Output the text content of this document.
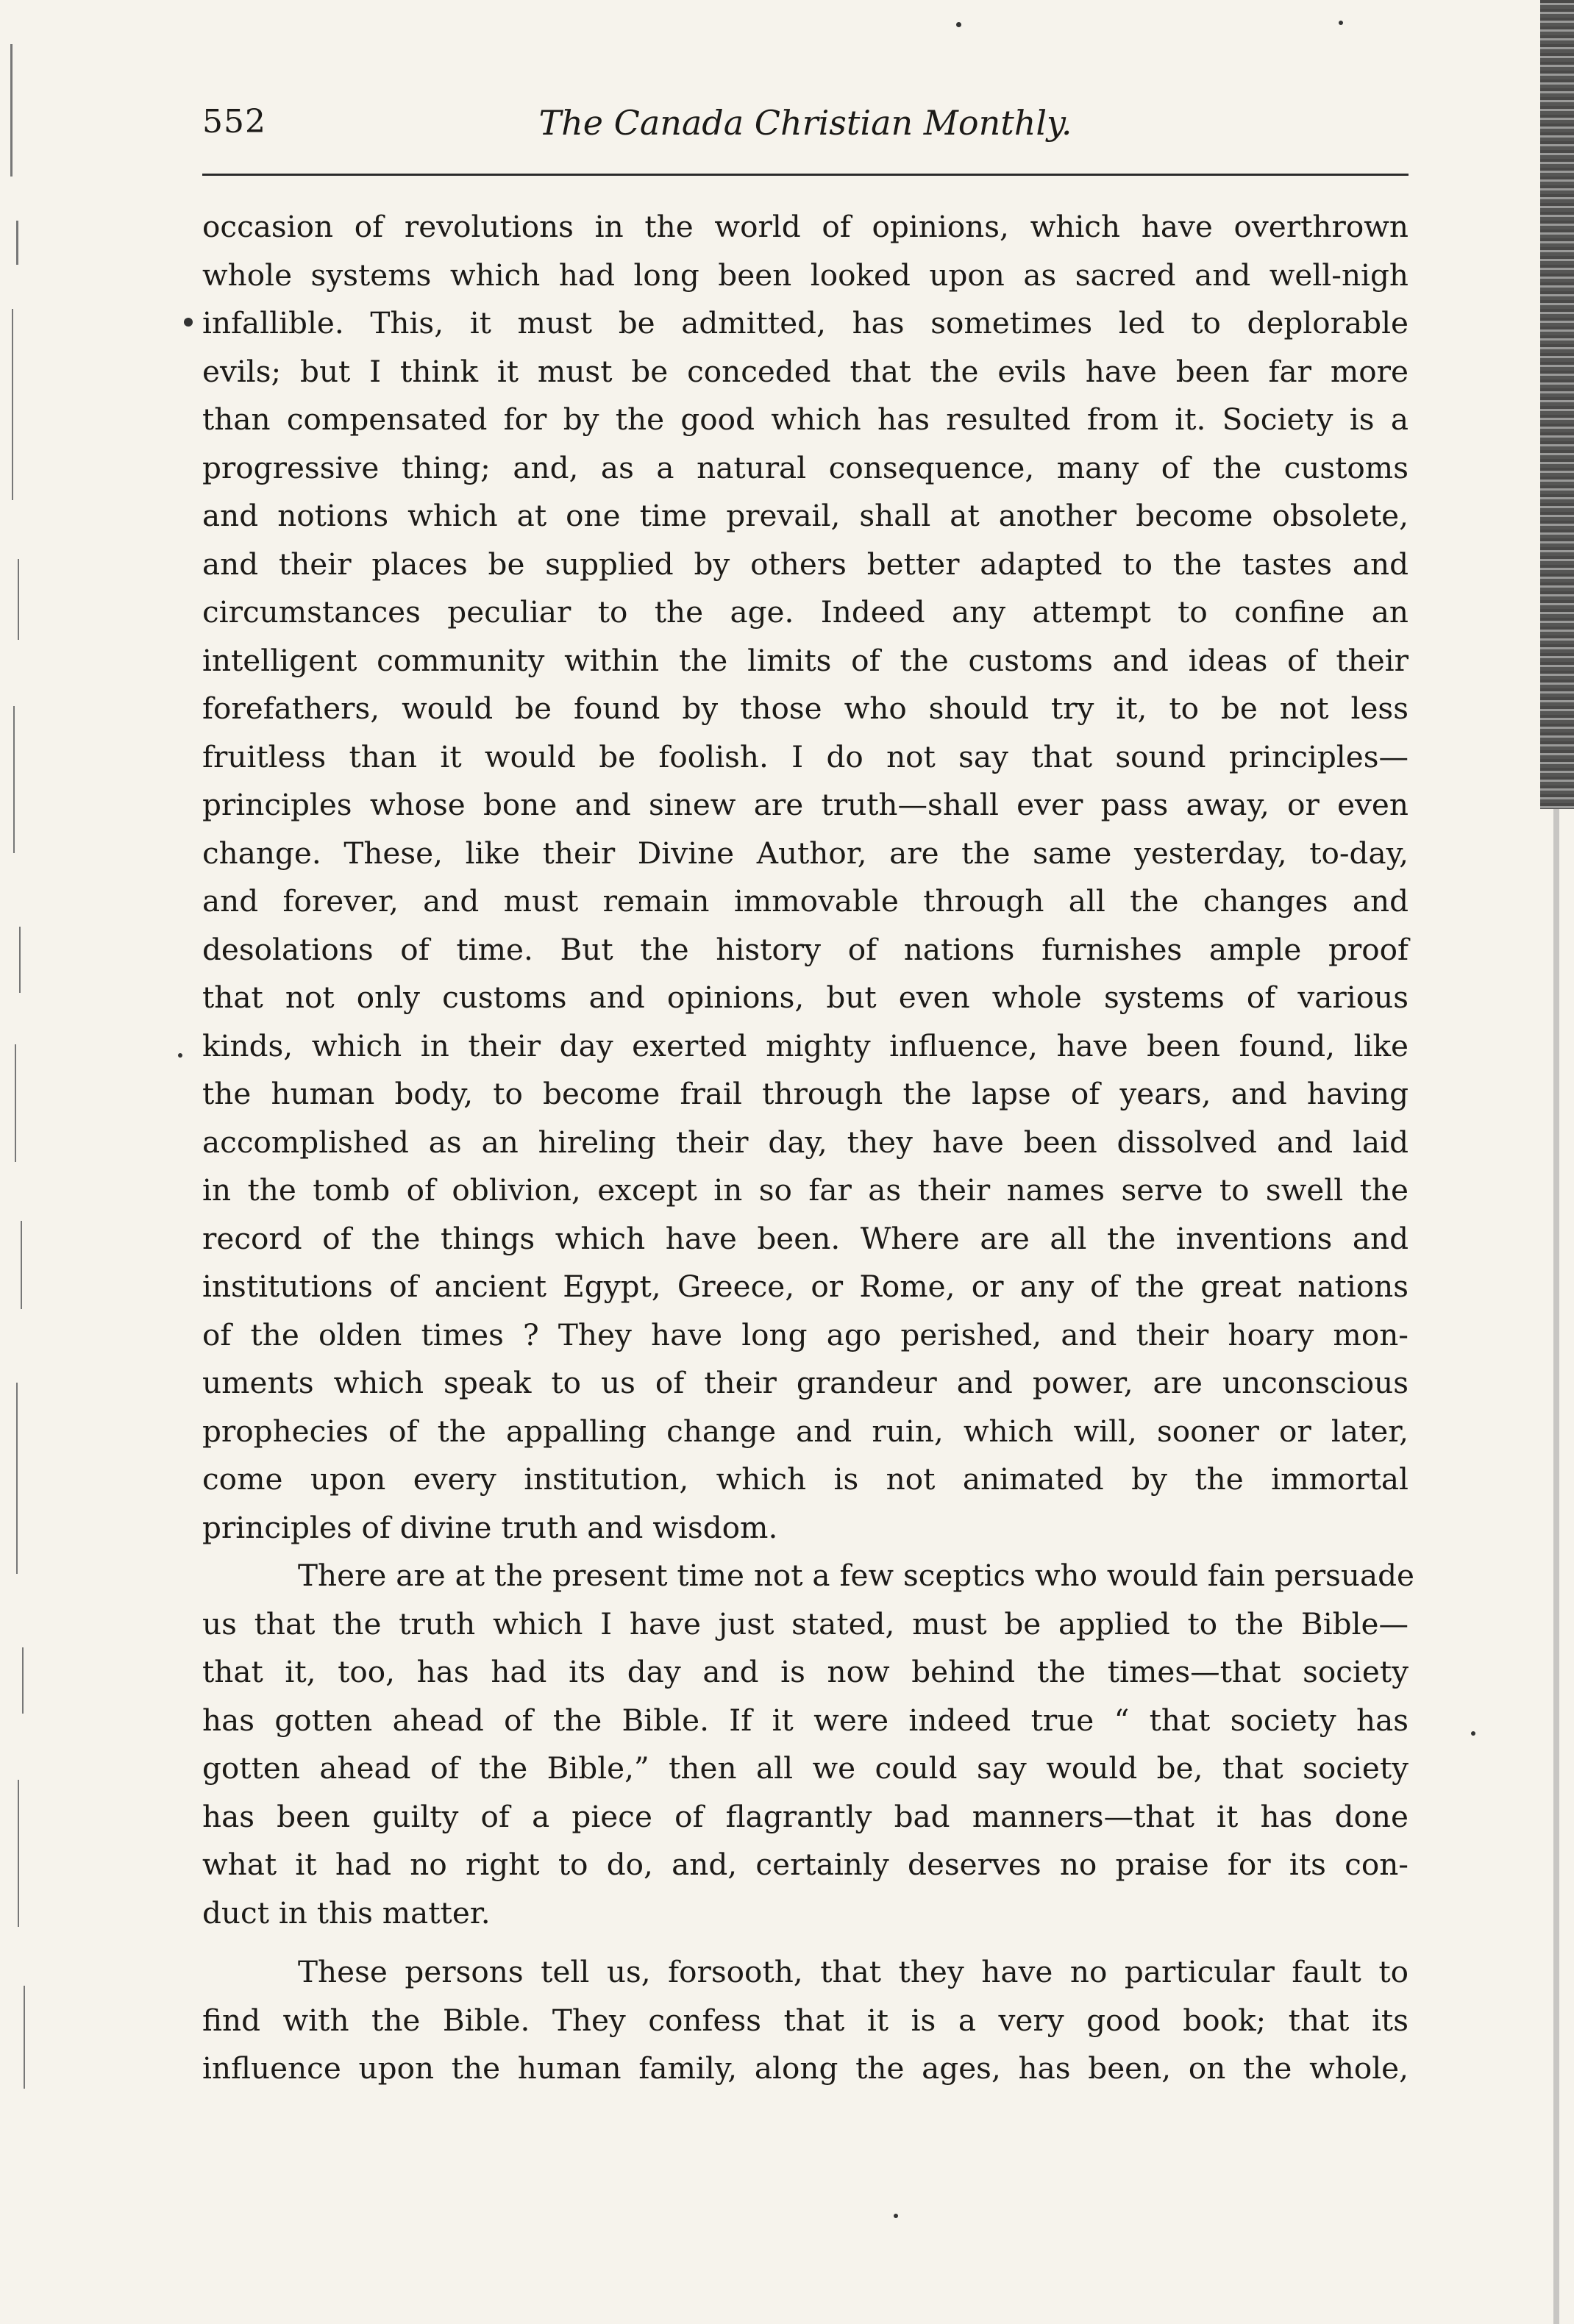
552	The Canada Christian Monthly.
occasion of revolutions in the world of opinions, which have overthrown
whole systems which had long been looked upon as sacred and well-nigh
infallible. This, it must be admitted, has sometimes led to deplorable
evils; but I think it must be conceded that the evils have been far more
than compensated for by the good which has resulted from it. Society is a
progressive thing; and, as a natural consequence, many of the customs
and notions which at one time prevail, shall at another become obsolete,
and their places be supplied by others better adapted to the tastes and
circumstances peculiar to the age. Indeed any attempt to confine an
intelligent community within the limits of the customs and ideas of their
forefathers, would be found by those who should try it, to be not less
fruitless than it would be foolish. I do not say that sound principles—
principles whose bone and sinew are truth—shall ever pass away, or even
change. These, like their Divine Author, are the same yesterday, to-day,
and forever, and must remain immovable through all the changes and
desolations of time. But the history of nations furnishes ample proof
that not only customs and opinions, but even whole systems of various
kinds, which in their day exerted mighty influence, have been found, like
the human body, to become frail through the lapse of years, and having
accomplished as an hireling their day, they have been dissolved and laid
in the tomb of oblivion, except in so far as their names serve to swell the
record of the things which have been. Where are all the inventions and
institutions of ancient Egypt, Greece, or Rome, or any of the great nations
of the olden times ? They have long ago perished, and their hoary mon-
uments which speak to us of their grandeur and power, are unconscious
prophecies of the appalling change and ruin, which will, sooner or later,
come upon every institution, which is not animated by the immortal
principles of divine truth and wisdom.
There are at the present time not a few sceptics who would fain persuade
us that the truth which I have just stated, must be applied to the Bible—
that it, too, has had its day and is now behind the times—that society
has gotten ahead of the Bible. If it were indeed true “ that society has
gotten ahead of the Bible,” then all we could say would be, that society
has been guilty of a piece of flagrantly bad manners—that it has done
what it had no right to do, and, certainly deserves no praise for its con-
duct in this matter.
These persons tell us, forsooth, that they have no particular fault to
find with the Bible. They confess that it is a very good book; that its
influence upon the human family, along the ages, has been, on the whole,
